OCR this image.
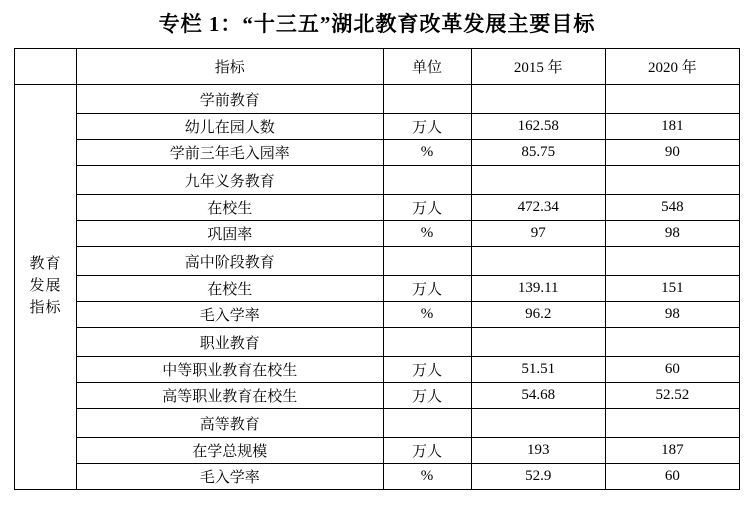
专栏 1：“十三五”湖北教育改革发展主要目标
	指标	单位	2015 年	2020 年

教育
发展
指标	学前教育			
	幼儿在园人数	万人	162.58	181
	学前三年毛入园率	%	85.75	90
	九年义务教育			
	在校生	万人	472.34	548
	巩固率	%	97	98
	高中阶段教育			
	在校生	万人	139.11	151
	毛入学率	%	96.2	98
	职业教育			
	中等职业教育在校生	万人	51.51	60
	高等职业教育在校生	万人	54.68	52.52
	高等教育			
	在学总规模	万人	193	187
	毛入学率	%	52.9	60
